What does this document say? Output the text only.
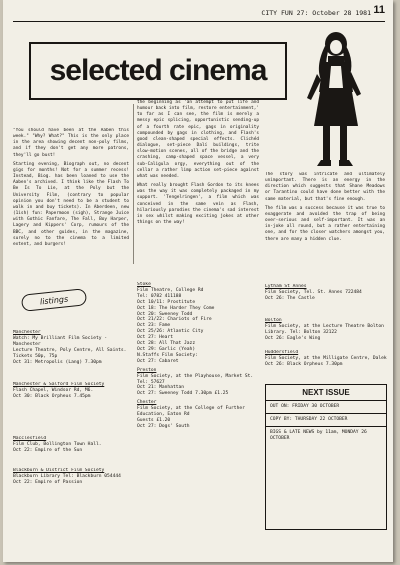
CITY FUN 27: October 28 1981 11
selected cinema

"You should have been at the Aaben this week." "Why? What?" This is the only place in the area showing decent non-poly films, and if they don't get any more patrons, they'll go bust!

Starting evening, Biograph out, no decent gigs for months! Not for a summer recess! Instead, Biog. has been loaned to use the Aaben's archived. I think like the Flash To Be Is To Lie, at the Poly but the University Film, (contrary to popular opinion you don't need to be a student to walk in and buy tickets). In Aberdeen, new (1ish) fun: Papermoon (sigh), Strange Juice with Gothic Fanfare, The Fall, Boy Harper, Lagery and Kippers' Corp, rumours of the BBC, and other guides, in the magazine, surely no to the cinema to a limited extent, and burgers!

the beginning as 'an attempt to put life and humour back into film, restore entertainment,' to far as I can see, the film is merely a messy epic splicing, opportunistic sending-up of a fourth rate epic, gags in originality compounded by gags in clothing, and Flash's good clean-shaped special effects. Clichéd dialogue, set-piece Dalí buildings, trite slow-motion scenes, all of the bridge and the crashing, camp-shaped space vessel, a very sub-Caligula orgy, everything out of the cellar a rather limp action set-piece against what was needed.

What really brought Flash Gordon to its knees was the way it was completely packaged in my support. 'Tengelringen', a film which was conceived in the same vein as Flash, hilariously parodies the cinema's sad interest in sex whilst making exciting jokes at other things on the way!

The story was intricate and ultimately unimportant. There is an energy in the direction which suggests that Shane Meadows or Tarantino could have done better with the same material, but that's fine enough.

The film was a success because it was true to exaggerate and avoided the trap of being over-serious and self-important. It was an in-joke all round, but a rather entertaining one, and for the closer watchers amongst you, there are many a hidden clue.

listings
Manchester
Watch: My Brilliant Film Society - Manchester
Lecture Theatre, Poly Centre, All Saints.
Tickets 50p, 75p
Oct 31: Metropolis (Lang) 7.30pm
Manchester & Salford Film Society
Flash Chapel, Windsor Rd, M6.
Oct 30: Black Orpheus 7.45pm
Macclesfield
Film Club, Bollington Town Hall.
Oct 22: Empire of the Sun
Blackburn & District Film Society
Blackburn Library Tel: Blackburn 054444
Oct 22: Empire of Passion
Stoke
Film Theatre, College Rd
Tel: 0782 411188
Oct 10/11: Prostitute
Oct 18: The Harder They Come
Oct 20: Sweeney Todd
Oct 21/22: Chariots of Fire
Oct 23: Fame
Oct 25/26: Atlantic City
Oct 27: Heart
Oct 28: All That Jazz
Oct 29: Garlic (Yeah)
N.Staffs Film Society:
Oct 27: Cabaret
Preston
Film Society, at the Playhouse, Market St.
Tel: 57627
Oct 21: Manhattan
Oct 27: Sweeney Todd 7.30pm £1.25
Chester
Film Society, at the College of Further Education, Eaton Rd
Guests £1.20
Oct 27: Dogs' South
Lytham St Annes
Film Society, Tel. St. Annes 722484
Oct 26: The Castle
Bolton
Film Society, at the Lecture Theatre Bolton Library. Tel: Bolton 32122
Oct 26: Eagle's Wing
Huddersfield
Film Society, at the Milligate Centre, Dalek
Oct 26: Black Orpheus 7.30pm
NEXT ISSUE
OUT ON: FRIDAY 30 OCTOBER
COPY BY: THURSDAY 22 OCTOBER
BIGS & LATE NEWS by 11am, MONDAY 26 OCTOBER
